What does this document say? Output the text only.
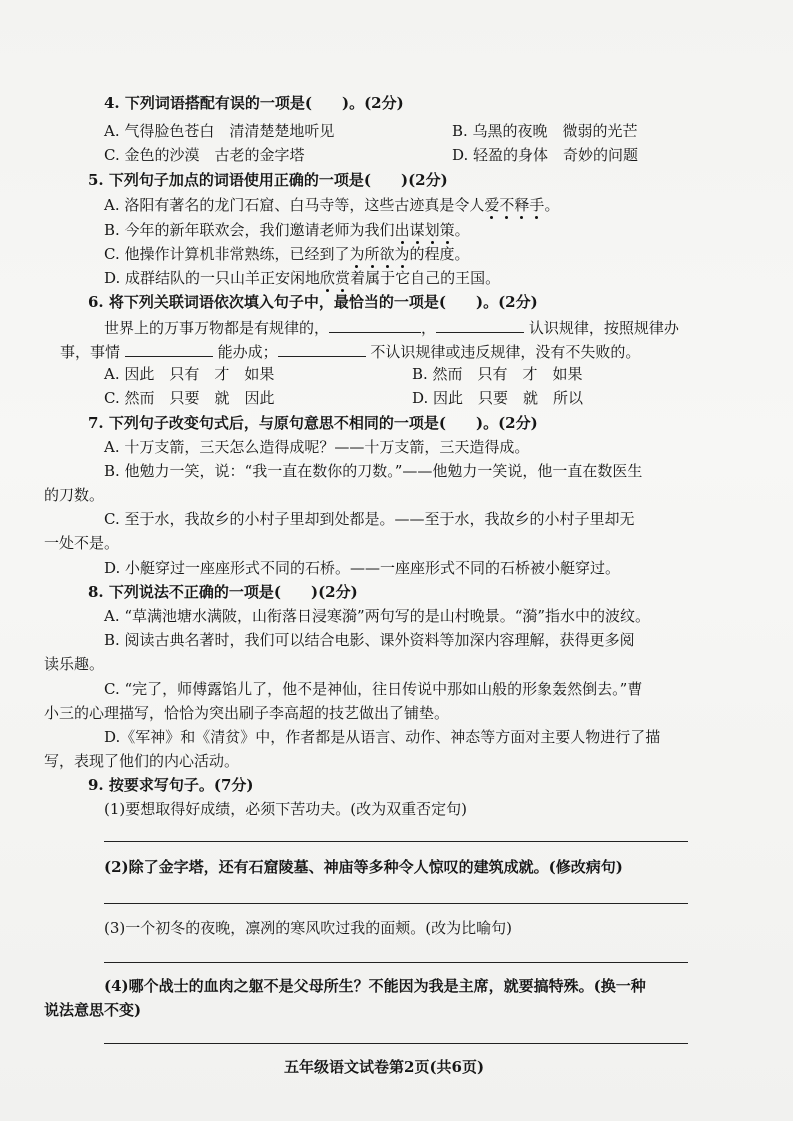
4. 下列词语搭配有误的一项是(　　)。(2分)
A. 气得脸色苍白　清清楚楚地听见	B. 乌黑的夜晚　微弱的光芒
C. 金色的沙漠　古老的金字塔	D. 轻盈的身体　奇妙的问题
5. 下列句子加点的词语使用正确的一项是(　　)(2分)
A. 洛阳有著名的龙门石窟、白马寺等，这些古迹真是令人爱不释手。
B. 今年的新年联欢会，我们邀请老师为我们出谋划策。
C. 他操作计算机非常熟练，已经到了为所欲为的程度。
D. 成群结队的一只山羊正安闲地欣赏着属于它自己的王国。
6. 将下列关联词语依次填入句子中，最恰当的一项是(　　)。(2分)
世界上的万事万物都是有规律的，	，	认识规律，按照规律办
事，事情	能办成；	不认识规律或违反规律，没有不失败的。
A. 因此　只有　才　如果	B. 然而　只有　才　如果
C. 然而　只要　就　因此	D. 因此　只要　就　所以
7. 下列句子改变句式后，与原句意思不相同的一项是(　　)。(2分)
A. 十万支箭，三天怎么造得成呢？——十万支箭，三天造得成。
B. 他勉力一笑，说：“我一直在数你的刀数。”——他勉力一笑说，他一直在数医生
的刀数。
C. 至于水，我故乡的小村子里却到处都是。——至于水，我故乡的小村子里却无
一处不是。
D. 小艇穿过一座座形式不同的石桥。——一座座形式不同的石桥被小艇穿过。
8. 下列说法不正确的一项是(　　)(2分)
A. “草满池塘水满陂，山衔落日浸寒漪”两句写的是山村晚景。“漪”指水中的波纹。
B. 阅读古典名著时，我们可以结合电影、课外资料等加深内容理解，获得更多阅
读乐趣。
C. “完了，师傅露馅儿了，他不是神仙，往日传说中那如山般的形象轰然倒去。”曹
小三的心理描写，恰恰为突出刷子李高超的技艺做出了铺垫。
D.《军神》和《清贫》中，作者都是从语言、动作、神态等方面对主要人物进行了描
写，表现了他们的内心活动。
9. 按要求写句子。(7分)
(1)要想取得好成绩，必须下苦功夫。(改为双重否定句)
(2)除了金字塔，还有石窟陵墓、神庙等多种令人惊叹的建筑成就。(修改病句)
(3)一个初冬的夜晚，凛冽的寒风吹过我的面颊。(改为比喻句)
(4)哪个战士的血肉之躯不是父母所生？不能因为我是主席，就要搞特殊。(换一种
说法意思不变)
五年级语文试卷第2页(共6页)
